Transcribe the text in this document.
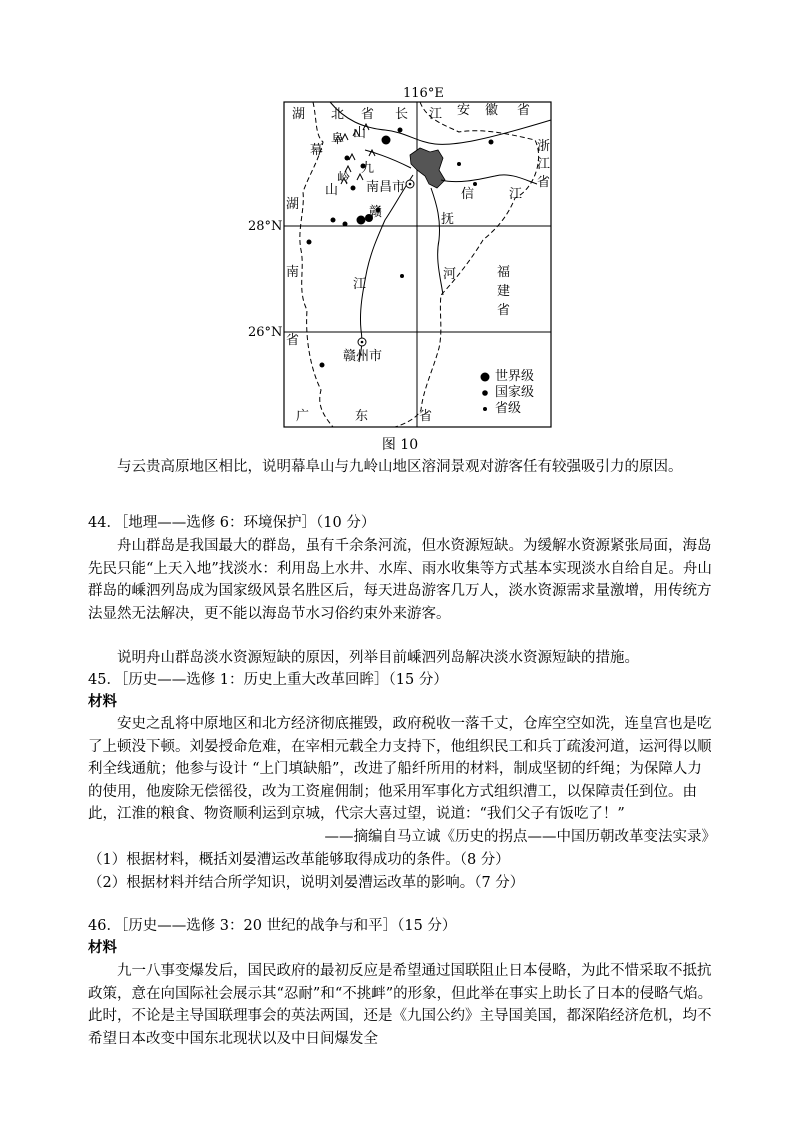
116°E
28°N
26°N
湖 北 省 长 江 安 徽 省
浙
江
省
湖
南
省
幕
阜 山
九
岭
山 南昌市
赣
江
信	江
抚
河	福
建
省
赣州市
广	东	省
世界级
国家级
省级
图 10
与云贵高原地区相比，说明幕阜山与九岭山地区溶洞景观对游客任有较强吸引力的原因。
44．［地理——选修 6：环境保护］（10 分）
舟山群岛是我国最大的群岛，虽有千余条河流，但水资源短缺。为缓解水资源紧张局面，海岛先民只能“上天入地”找淡水：利用岛上水井、水库、雨水收集等方式基本实现淡水自给自足。舟山群岛的嵊泗列岛成为国家级风景名胜区后，每天进岛游客几万人，淡水资源需求量激增，用传统方法显然无法解决，更不能以海岛节水习俗约束外来游客。
说明舟山群岛淡水资源短缺的原因，列举目前嵊泗列岛解决淡水资源短缺的措施。
45．［历史——选修 1：历史上重大改革回眸］（15 分）
材料
安史之乱将中原地区和北方经济彻底摧毁，政府税收一落千丈，仓库空空如洗，连皇宫也是吃了上顿没下顿。刘晏授命危难，在宰相元载全力支持下，他组织民工和兵丁疏浚河道，运河得以顺利全线通航；他参与设计 “上门填缺船”，改进了船纤所用的材料，制成坚韧的纤绳；为保障人力的使用，他废除无偿徭役，改为工资雇佣制；他采用军事化方式组织漕工，以保障责任到位。由此，江淮的粮食、物资顺利运到京城，代宗大喜过望，说道：“我们父子有饭吃了！”
——摘编自马立诚《历史的拐点——中国历朝改革变法实录》
（1）根据材料，概括刘晏漕运改革能够取得成功的条件。（8 分）
（2）根据材料并结合所学知识，说明刘晏漕运改革的影响。（7 分）
46．［历史——选修 3：20 世纪的战争与和平］（15 分）
材料
九一八事变爆发后，国民政府的最初反应是希望通过国联阻止日本侵略，为此不惜采取不抵抗政策，意在向国际社会展示其“忍耐”和“不挑衅”的形象，但此举在事实上助长了日本的侵略气焰。此时，不论是主导国联理事会的英法两国，还是《九国公约》主导国美国，都深陷经济危机，均不希望日本改变中国东北现状以及中日间爆发全
